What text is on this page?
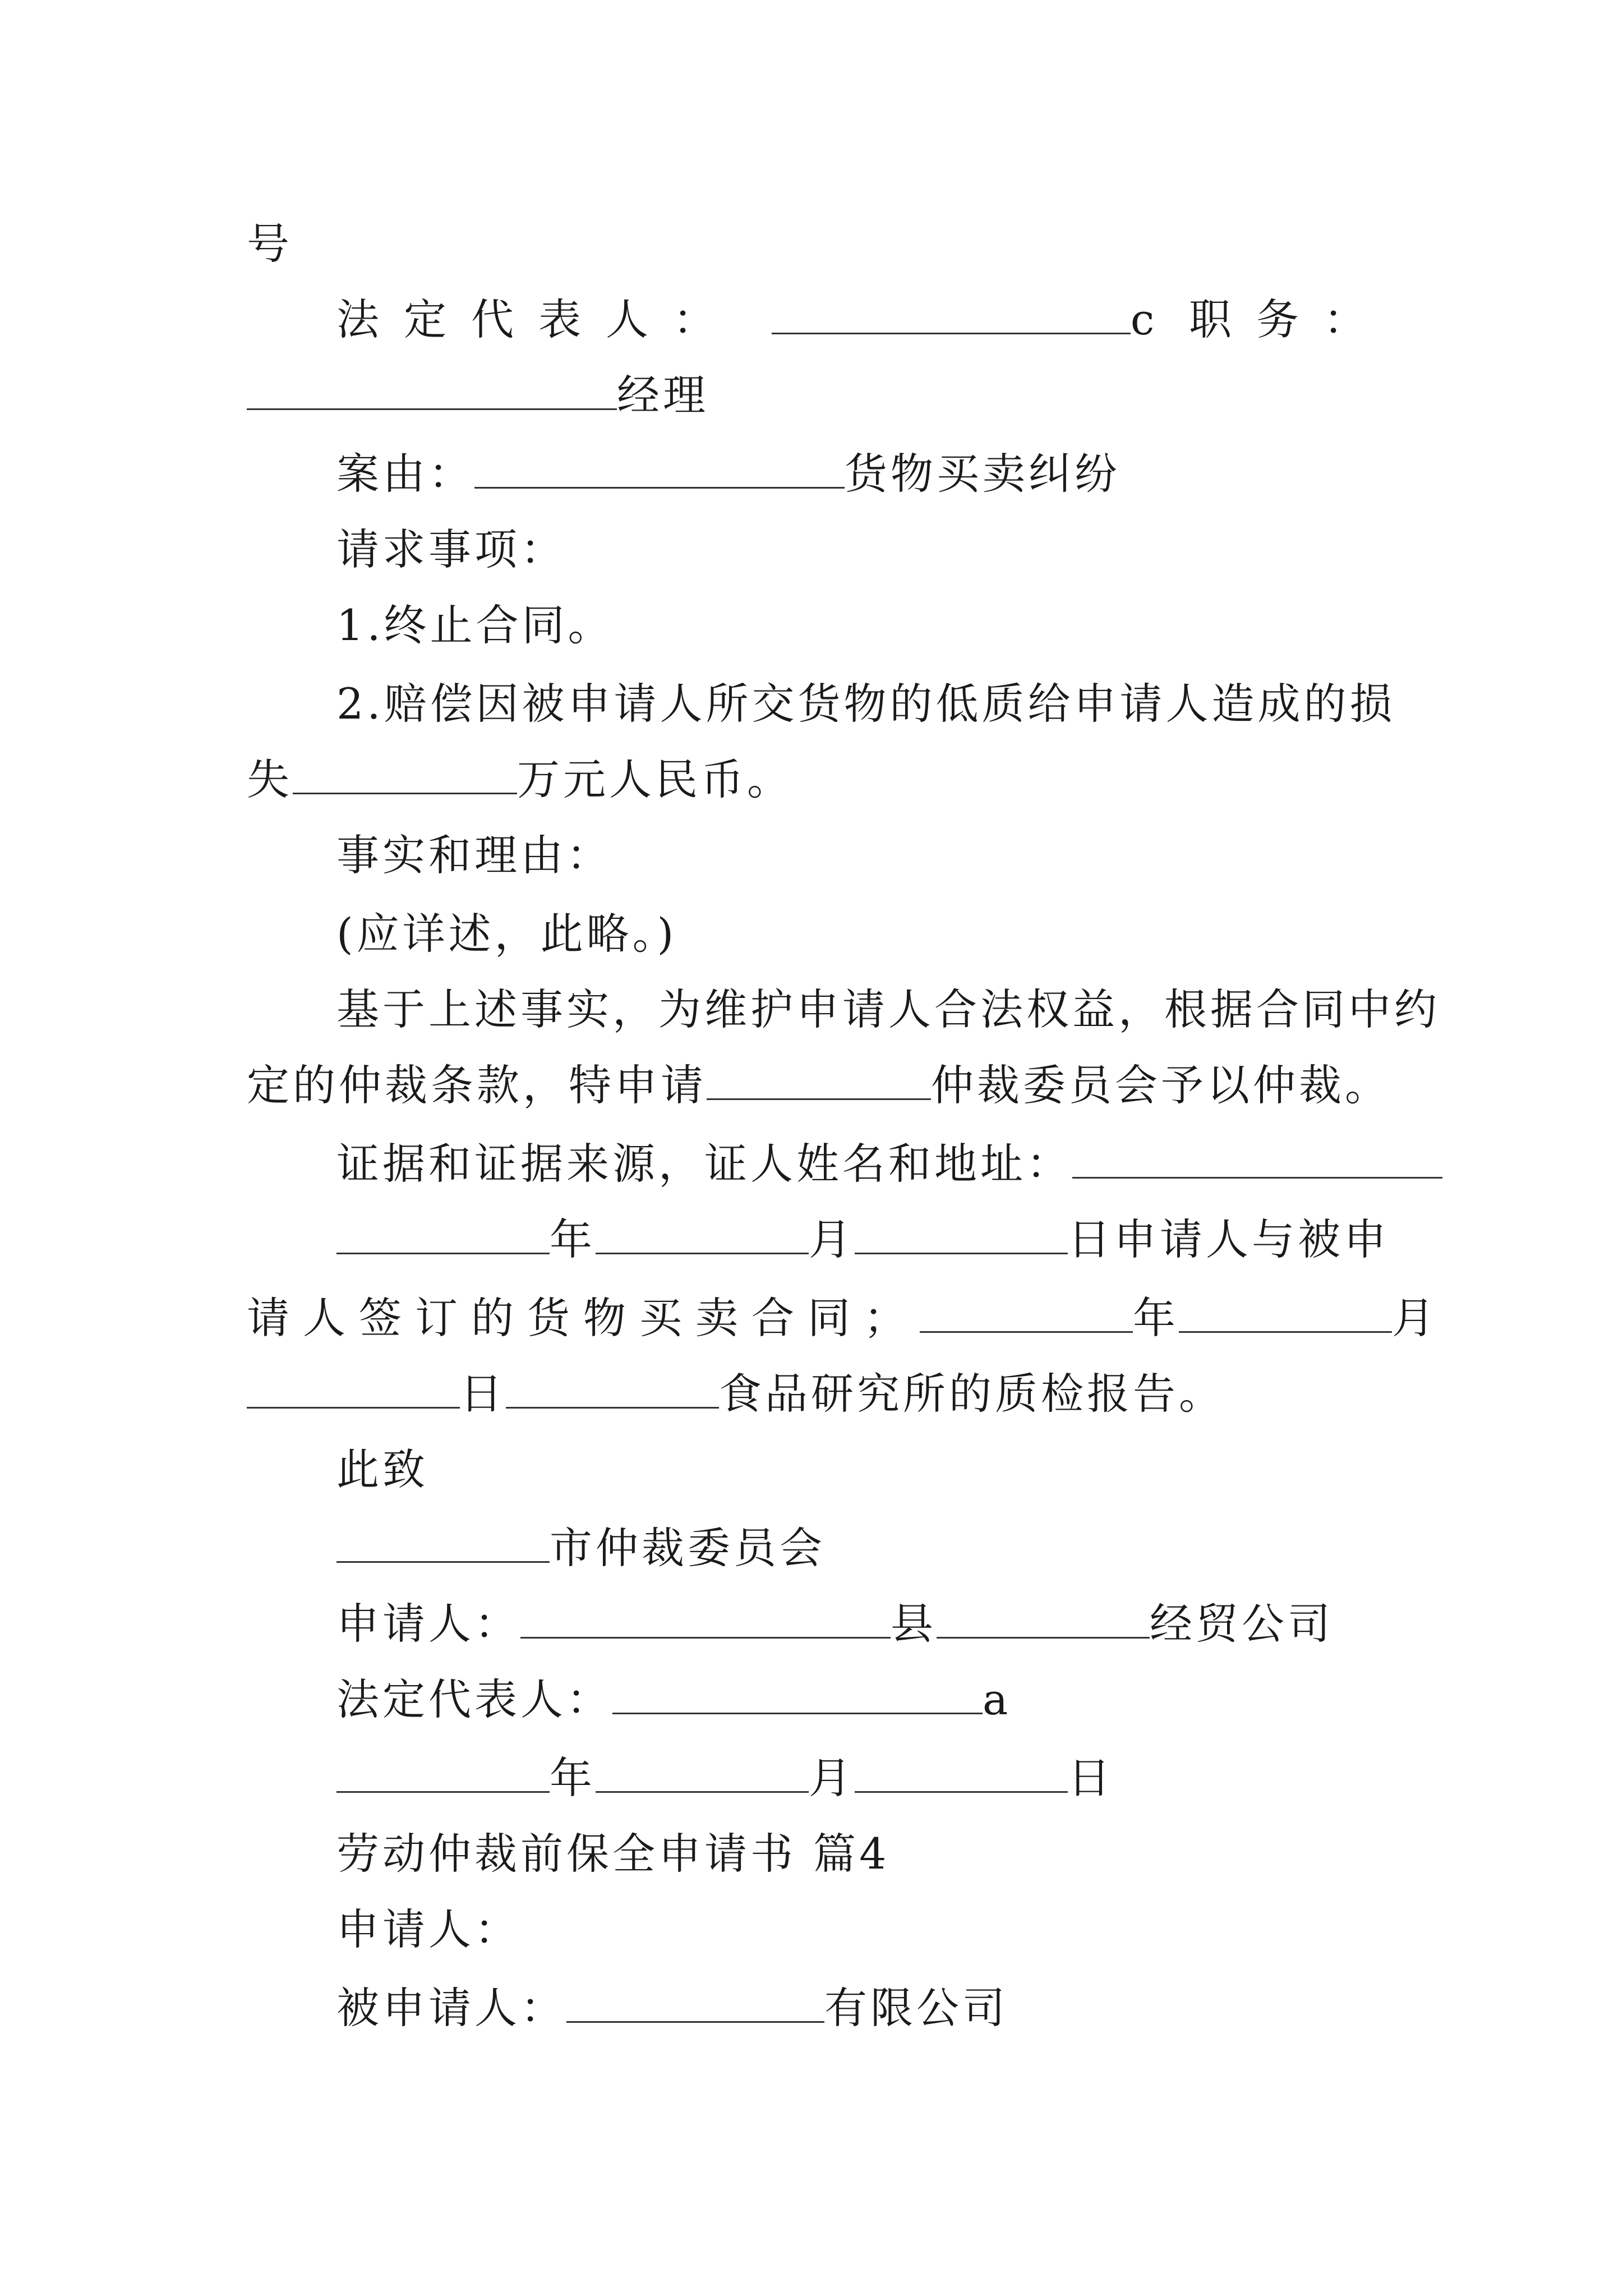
号
法定代表人：	c 职务：
经理
案由：	货物买卖纠纷
请求事项：
1.终止合同。
2.赔偿因被申请人所交货物的低质给申请人造成的损
失	万元人民币。
事实和理由：
(应详述，此略。)
基于上述事实，为维护申请人合法权益，根据合同中约
定的仲裁条款，特申请	仲裁委员会予以仲裁。
证据和证据来源，证人姓名和地址：
年	月	日申请人与被申
请人签订的货物买卖合同；	年	月
日	食品研究所的质检报告。
此致
市仲裁委员会
申请人：	县	经贸公司
法定代表人：	a
年	月	日
劳动仲裁前保全申请书 篇4
申请人：
被申请人：	有限公司
